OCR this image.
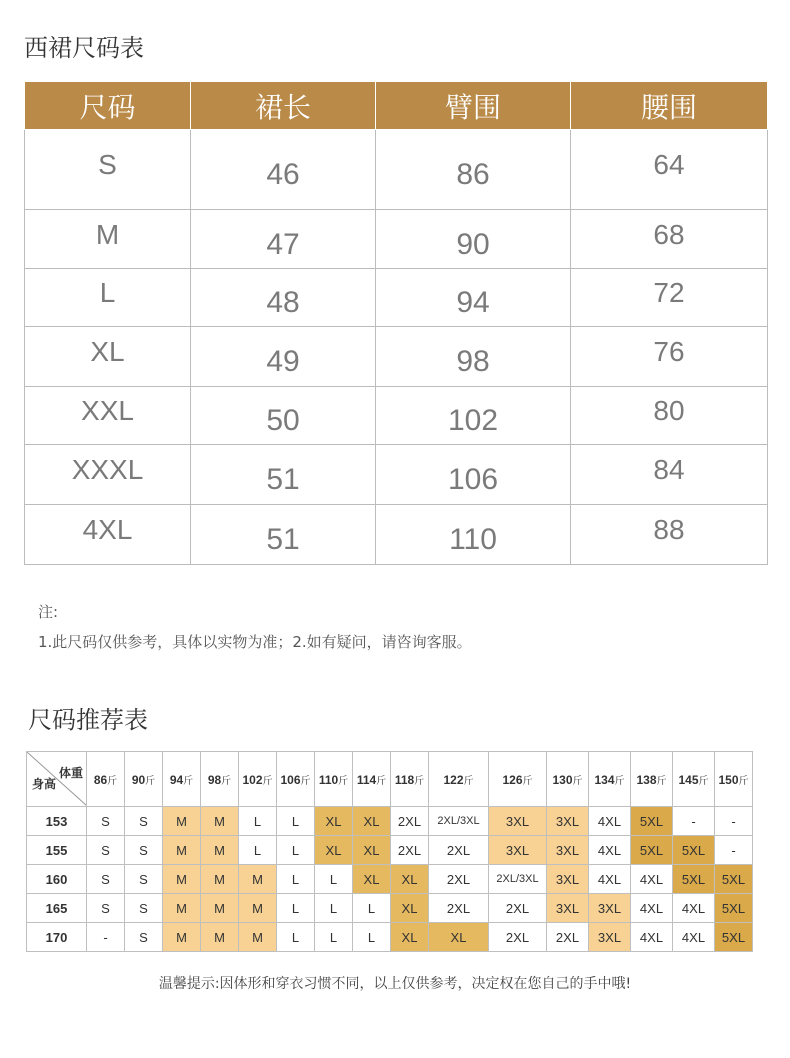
西裙尺码表
尺码	裙长	臂围	腰围
S	46	86	64
M	47	90	68
L	48	94	72
XL	49	98	76
XXL	50	102	80
XXXL	51	106	84
4XL	51	110	88
注:
1.此尺码仅供参考，具体以实物为准；2.如有疑问，请咨询客服。
尺码推荐表
体重
身高	86斤	90斤	94斤	98斤	102斤	106斤	110斤	114斤	118斤	122斤	126斤	130斤	134斤	138斤	145斤	150斤
153	S	S	M	M	L	L	XL	XL	2XL	2XL/3XL	3XL	3XL	4XL	5XL	-	-
155	S	S	M	M	L	L	XL	XL	2XL	2XL	3XL	3XL	4XL	5XL	5XL	-
160	S	S	M	M	M	L	L	XL	XL	2XL	2XL/3XL	3XL	4XL	4XL	5XL	5XL
165	S	S	M	M	M	L	L	L	XL	2XL	2XL	3XL	3XL	4XL	4XL	5XL
170	-	S	M	M	M	L	L	L	XL	XL	2XL	2XL	3XL	4XL	4XL	5XL
温馨提示:因体形和穿衣习惯不同，以上仅供参考，决定权在您自己的手中哦!
